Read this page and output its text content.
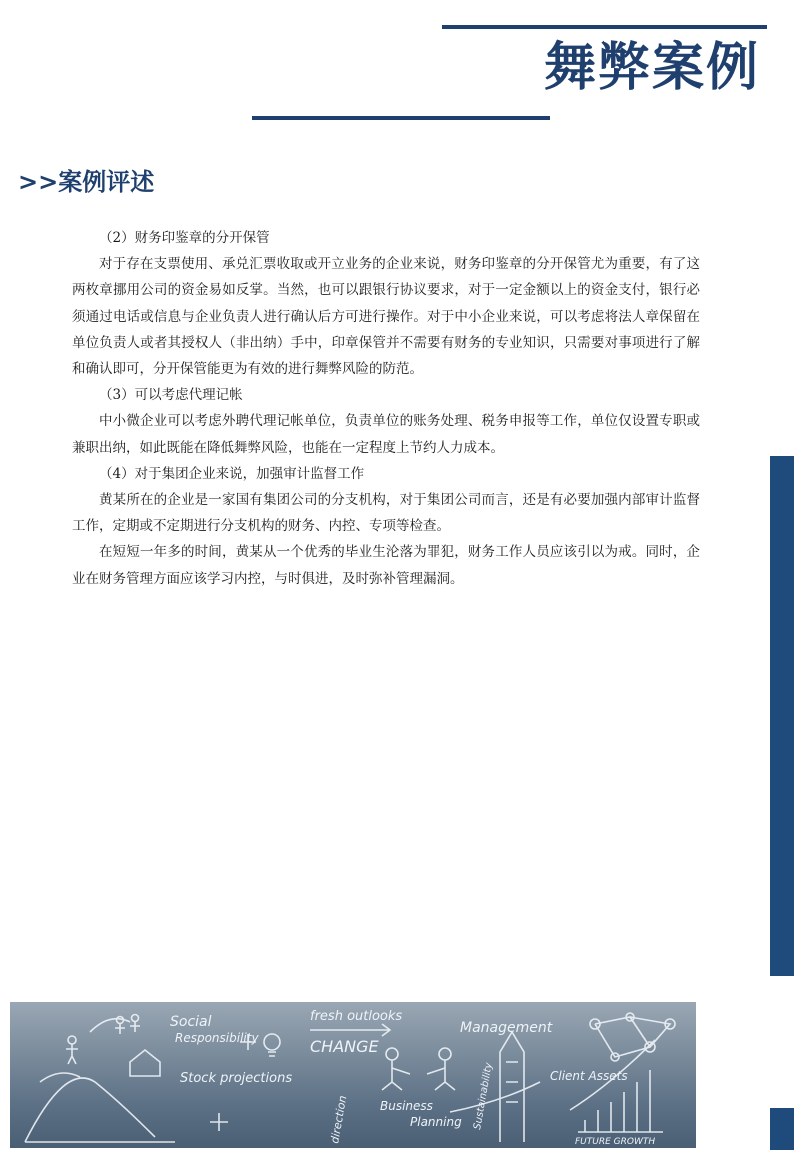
舞弊案例
>>案例评述

（2）财务印鉴章的分开保管

对于存在支票使用、承兑汇票收取或开立业务的企业来说，财务印鉴章的分开保管尤为重要，有了这两枚章挪用公司的资金易如反掌。当然，也可以跟银行协议要求，对于一定金额以上的资金支付，银行必须通过电话或信息与企业负责人进行确认后方可进行操作。对于中小企业来说，可以考虑将法人章保留在单位负责人或者其授权人（非出纳）手中，印章保管并不需要有财务的专业知识，只需要对事项进行了解和确认即可，分开保管能更为有效的进行舞弊风险的防范。

（3）可以考虑代理记帐

中小微企业可以考虑外聘代理记帐单位，负责单位的账务处理、税务申报等工作，单位仅设置专职或兼职出纳，如此既能在降低舞弊风险，也能在一定程度上节约人力成本。

（4）对于集团企业来说，加强审计监督工作

黄某所在的企业是一家国有集团公司的分支机构，对于集团公司而言，还是有必要加强内部审计监督工作，定期或不定期进行分支机构的财务、内控、专项等检查。

在短短一年多的时间，黄某从一个优秀的毕业生沦落为罪犯，财务工作人员应该引以为戒。同时，企业在财务管理方面应该学习内控，与时俱进，及时弥补管理漏洞。

Social
Responsibility
fresh outlooks
Management
CHANGE
Stock projections
Business
Planning
Client Assets
Sustainability
FUTURE GROWTH
direction
